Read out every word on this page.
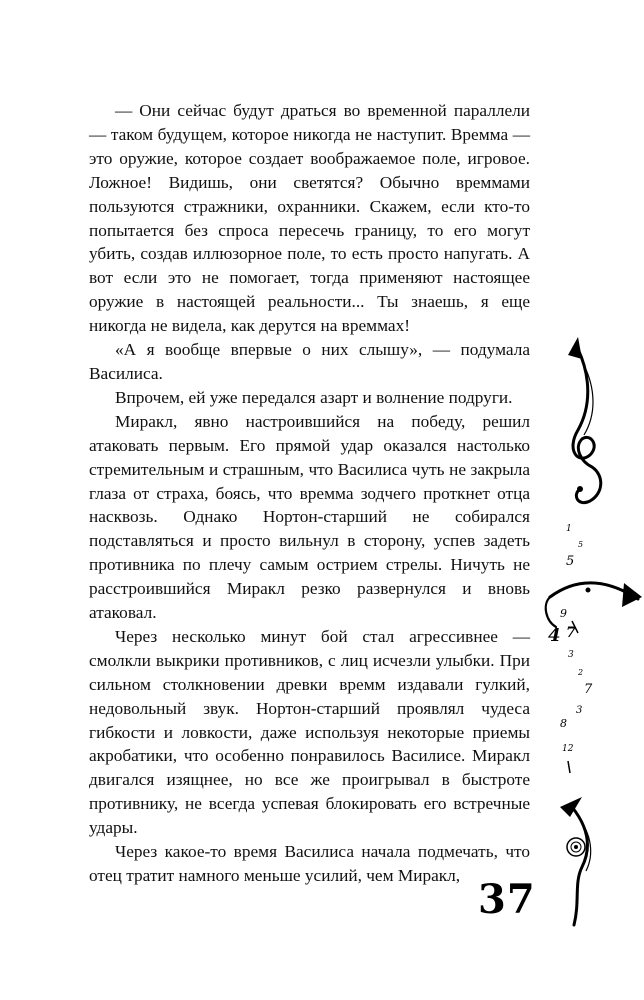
— Они сейчас будут драться во временной параллели — таком будущем, которое никогда не наступит. Времма — это оружие, которое создает воображаемое поле, игровое. Ложное! Видишь, они светятся? Обычно времмами пользуются стражники, охранники. Скажем, если кто-то попытается без спроса пересечь границу, то его могут убить, создав иллюзорное поле, то есть просто напугать. А вот если это не помогает, тогда применяют настоящее оружие в настоящей реальности... Ты знаешь, я еще никогда не видела, как дерутся на времмах!

«А я вообще впервые о них слышу», — подумала Василиса.

Впрочем, ей уже передался азарт и волнение подруги.

Миракл, явно настроившийся на победу, решил атаковать первым. Его прямой удар оказался настолько стремительным и страшным, что Василиса чуть не закрыла глаза от страха, боясь, что времма зодчего проткнет отца насквозь. Однако Нортон-старший не собирался подставляться и просто вильнул в сторону, успев задеть противника по плечу самым острием стрелы. Ничуть не расстроившийся Миракл резко развернулся и вновь атаковал.

Через несколько минут бой стал агрессивнее — смолкли выкрики противников, с лиц исчезли улыбки. При сильном столкновении древки времм издавали гулкий, недовольный звук. Нортон-старший проявлял чудеса гибкости и ловкости, даже используя некоторые приемы акробатики, что особенно понравилось Василисе. Миракл двигался изящнее, но все же проигрывал в быстроте противнику, не всегда успевая блокировать его встречные удары.

Через какое-то время Василиса начала подмечать, что отец тратит намного меньше усилий, чем Миракл,

1
5
5
9
4 7
3
2
7
3
8
12
37
